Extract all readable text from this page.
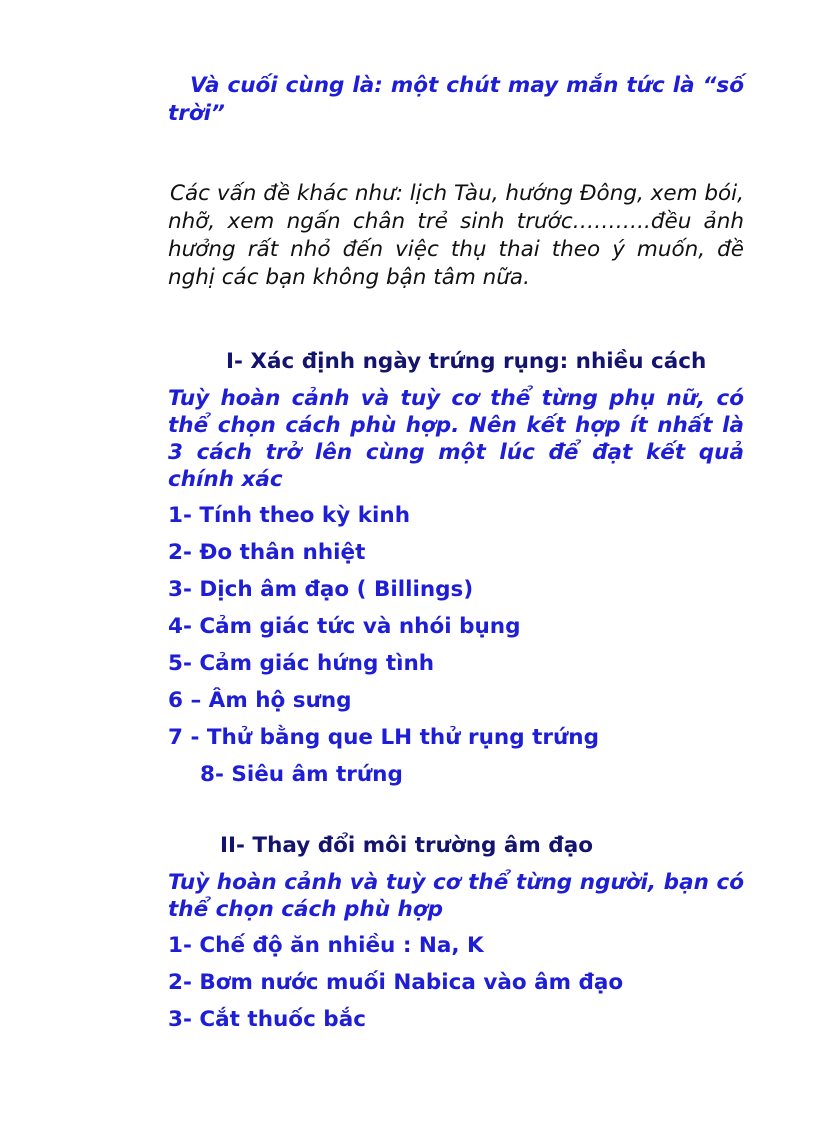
Và cuối cùng là: một chút may mắn tức là “số trời”

Các vấn đề khác như: lịch Tàu, hướng Đông, xem bói, nhỡ, xem ngấn chân trẻ sinh trước………..đều ảnh hưởng rất nhỏ đến việc thụ thai theo ý muốn, đề nghị các bạn không bận tâm nữa.

I- Xác định ngày trứng rụng: nhiều cách

Tuỳ hoàn cảnh và tuỳ cơ thể từng phụ nữ, có thể chọn cách phù hợp. Nên kết hợp ít nhất là 3 cách trở lên cùng một lúc để đạt kết quả chính xác

1- Tính theo kỳ kinh
2- Đo thân nhiệt
3- Dịch âm đạo ( Billings)
4- Cảm giác tức và nhói bụng
5- Cảm giác hứng tình
6 – Âm hộ sưng
7 - Thử bằng que LH thử rụng trứng
8- Siêu âm trứng
II- Thay đổi môi trường âm đạo

Tuỳ hoàn cảnh và tuỳ cơ thể từng người, bạn có thể chọn cách phù hợp

1- Chế độ ăn nhiều : Na, K
2- Bơm nước muối Nabica vào âm đạo
3- Cắt thuốc bắc
